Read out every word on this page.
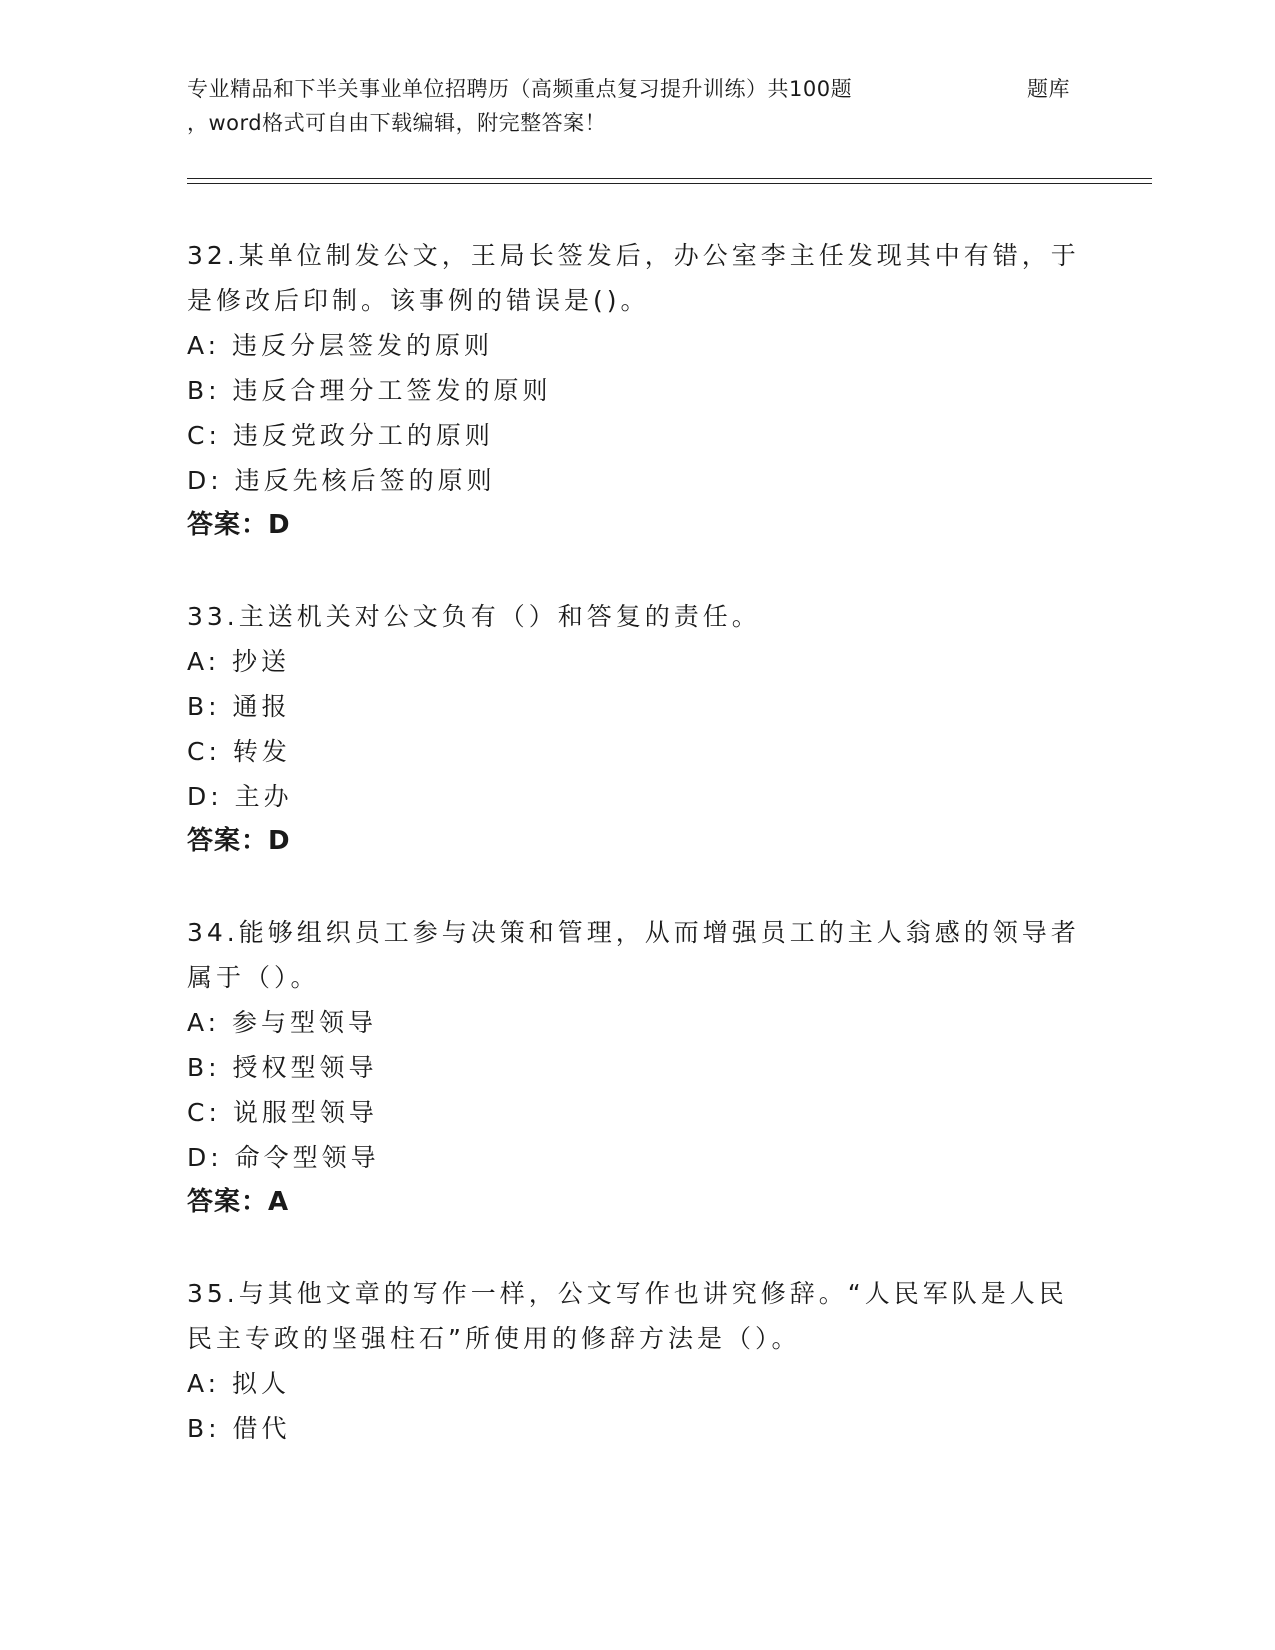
专业精品和下半关事业单位招聘历（高频重点复习提升训练）共100题	题库
，word格式可自由下载编辑，附完整答案！
32.某单位制发公文，王局长签发后，办公室李主任发现其中有错，于
是修改后印制。该事例的错误是()。
A: 违反分层签发的原则
B: 违反合理分工签发的原则
C: 违反党政分工的原则
D: 违反先核后签的原则
答案：D
33.主送机关对公文负有（）和答复的责任。
A: 抄送
B: 通报
C: 转发
D: 主办
答案：D
34.能够组织员工参与决策和管理，从而增强员工的主人翁感的领导者
属于（）。
A: 参与型领导
B: 授权型领导
C: 说服型领导
D: 命令型领导
答案：A
35.与其他文章的写作一样，公文写作也讲究修辞。“人民军队是人民
民主专政的坚强柱石”所使用的修辞方法是（）。
A: 拟人
B: 借代
